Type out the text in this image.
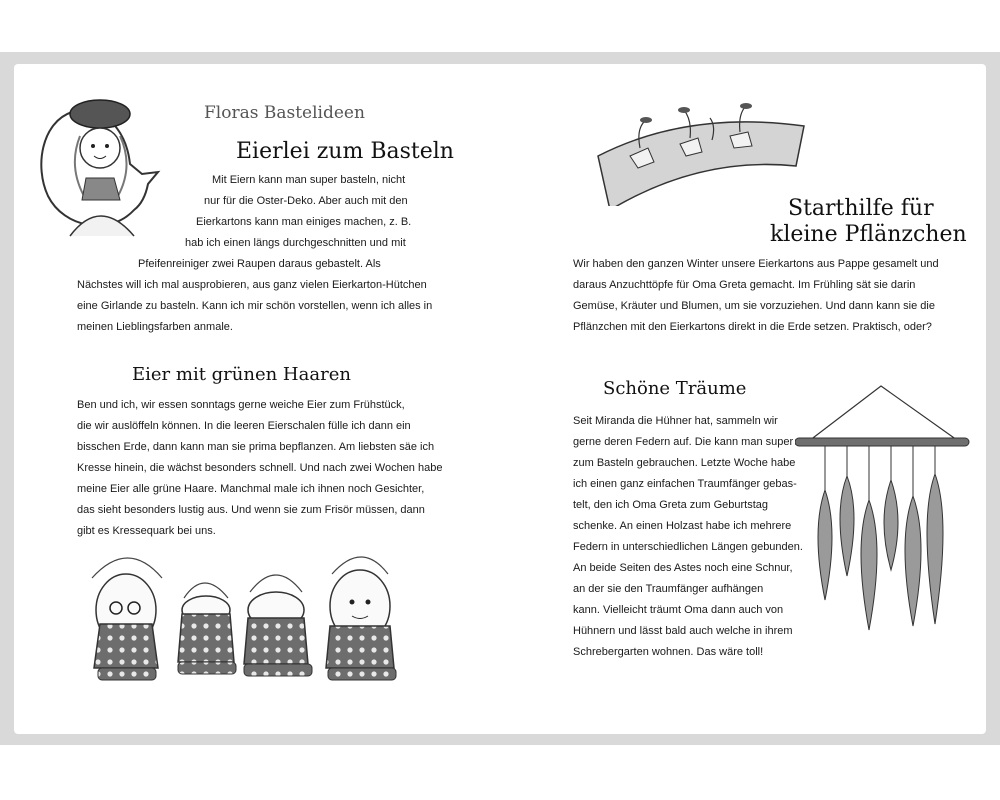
Floras Bastelideen
Eierlei zum Basteln
Mit Eiern kann man super basteln, nicht
nur für die Oster-Deko. Aber auch mit den
Eierkartons kann man einiges machen, z. B.
hab ich einen längs durchgeschnitten und mit
Pfeifenreiniger zwei Raupen daraus gebastelt. Als
Nächstes will ich mal ausprobieren, aus ganz vielen Eierkarton-Hütchen
eine Girlande zu basteln. Kann ich mir schön vorstellen, wenn ich alles in
meinen Lieblingsfarben anmale.
Eier mit grünen Haaren
Ben und ich, wir essen sonntags gerne weiche Eier zum Frühstück,
die wir auslöffeln können. In die leeren Eierschalen fülle ich dann ein
bisschen Erde, dann kann man sie prima bepflanzen. Am liebsten säe ich
Kresse hinein, die wächst besonders schnell. Und nach zwei Wochen habe
meine Eier alle grüne Haare. Manchmal male ich ihnen noch Gesichter,
das sieht besonders lustig aus. Und wenn sie zum Frisör müssen, dann
gibt es Kressequark bei uns.
Starthilfe für
kleine Pflänzchen
Wir haben den ganzen Winter unsere Eierkartons aus Pappe gesamelt und
daraus Anzuchttöpfe für Oma Greta gemacht. Im Frühling sät sie darin
Gemüse, Kräuter und Blumen, um sie vorzuziehen. Und dann kann sie die
Pflänzchen mit den Eierkartons direkt in die Erde setzen. Praktisch, oder?
Schöne Träume
Seit Miranda die Hühner hat, sammeln wir
gerne deren Federn auf. Die kann man super
zum Basteln gebrauchen. Letzte Woche habe
ich einen ganz einfachen Traumfänger gebas-
telt, den ich Oma Greta zum Geburtstag
schenke. An einen Holzast habe ich mehrere
Federn in unterschiedlichen Längen gebunden.
An beide Seiten des Astes noch eine Schnur,
an der sie den Traumfänger aufhängen
kann. Vielleicht träumt Oma dann auch von
Hühnern und lässt bald auch welche in ihrem
Schrebergarten wohnen. Das wäre toll!
